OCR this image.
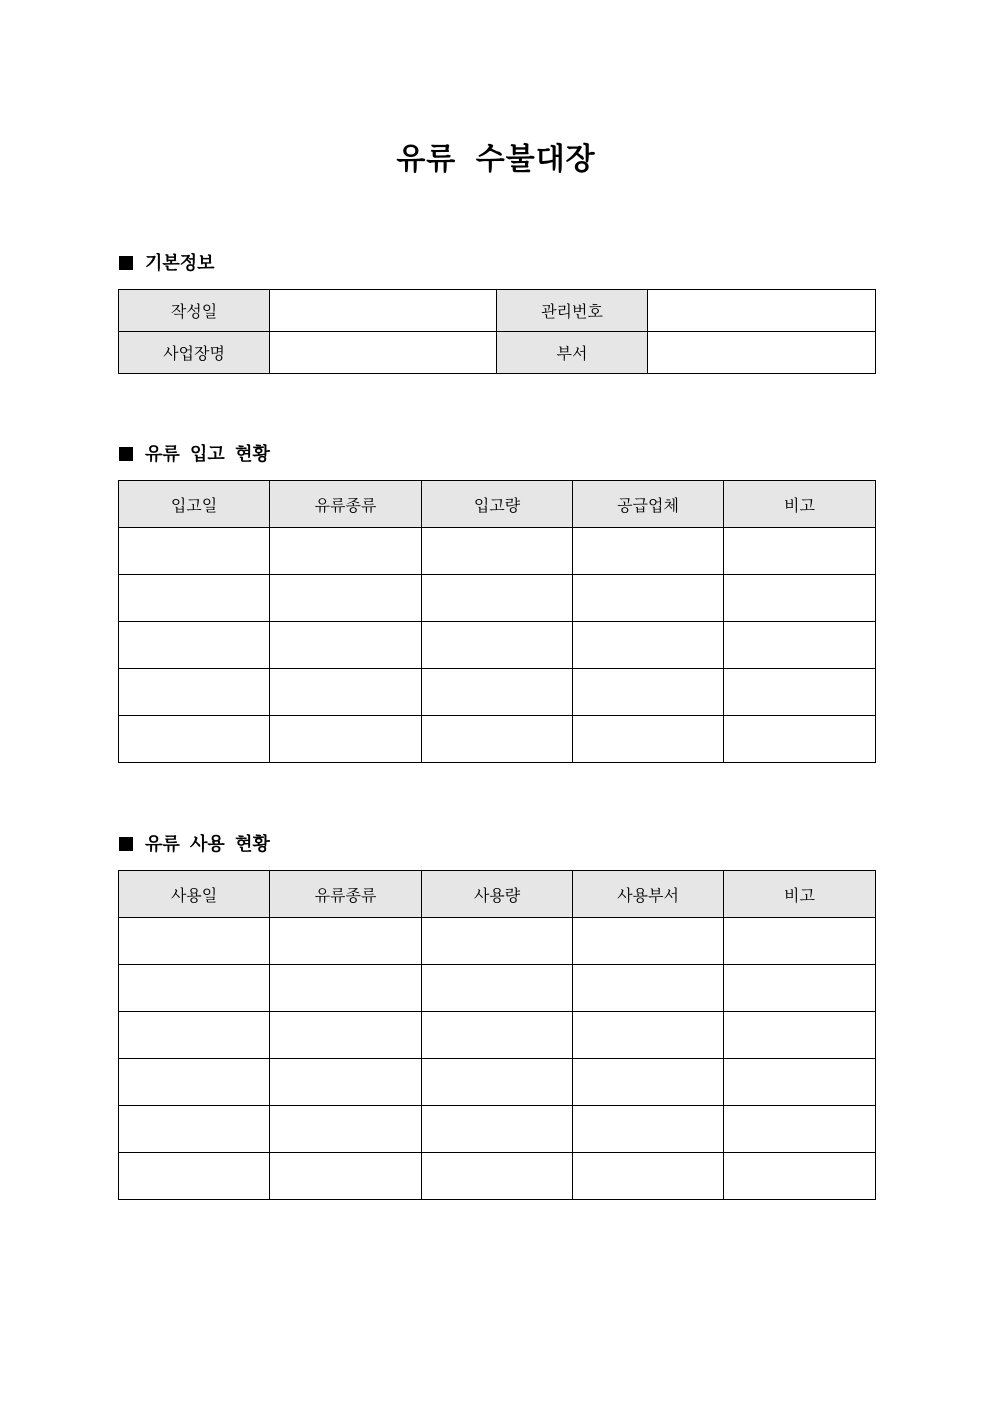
유류 수불대장
기본정보
작성일		관리번호	
사업장명		부서	
유류 입고 현황
입고일	유류종류	입고량	공급업체	비고

유류 사용 현황
사용일	유류종류	사용량	사용부서	비고
